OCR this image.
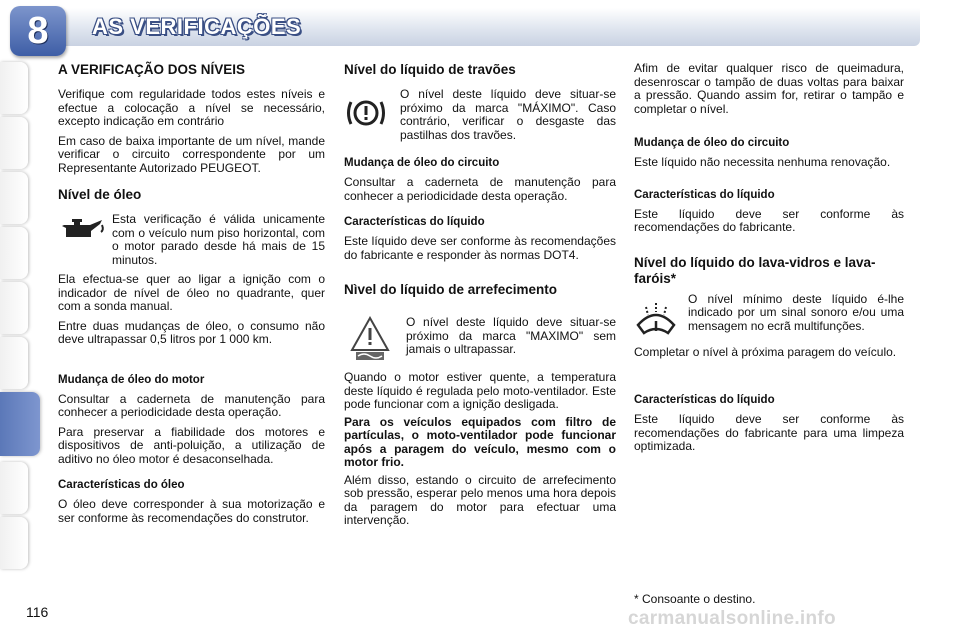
8	AS VERIFICAÇÕES
A VERIFICAÇÃO DOS NÍVEIS

Verifique com regularidade todos estes níveis e efectue a colocação a nível se necessário, excepto indicação em contrário

Em caso de baixa importante de um nível, mande verificar o circuito correspondente por um Representante Autorizado PEUGEOT.

Nível de óleo

Esta verificação é válida unicamente com o veículo num piso horizontal, com o motor parado desde há mais de 15 minutos.

Ela efectua-se quer ao ligar a ignição com o indicador de nível de óleo no quadrante, quer com a sonda manual.

Entre duas mudanças de óleo, o consumo não deve ultrapassar 0,5 litros por 1 000 km.

Mudança de óleo do motor

Consultar a caderneta de manutenção para conhecer a periodicidade desta operação.

Para preservar a fiabilidade dos motores e dispositivos de anti-poluição, a utilização de aditivo no óleo motor é desaconselhada.

Características do óleo

O óleo deve corresponder à sua motorização e ser conforme às recomendações do construtor.

Nível do líquido de travões

O nível deste líquido deve situar-se próximo da marca "MÁXIMO". Caso contrário, verificar o desgaste das pastilhas dos travões.

Mudança de óleo do circuito

Consultar a caderneta de manutenção para conhecer a periodicidade desta operação.

Características do líquido

Este líquido deve ser conforme às recomendações do fabricante e responder às normas DOT4.

Nìvel do líquido de arrefecimento

O nível deste líquido deve situar-se próximo da marca "MAXIMO" sem jamais o ultrapassar.

Quando o motor estiver quente, a temperatura deste líquido é regulada pelo moto-ventilador. Este pode funcionar com a ignição desligada.

Para os veículos equipados com filtro de partículas, o moto-ventilador pode funcionar após a paragem do veículo, mesmo com o motor frio.

Além disso, estando o circuito de arrefecimento sob pressão, esperar pelo menos uma hora depois da paragem do motor para efectuar uma intervenção.

Afim de evitar qualquer risco de queimadura, desenroscar o tampão de duas voltas para baixar a pressão. Quando assim for, retirar o tampão e completar o nível.

Mudança de óleo do circuito

Este líquido não necessita nenhuma renovação.

Características do líquido

Este líquido deve ser conforme às recomendações do fabricante.

Nível do líquido do lava-vidros e lava-faróis*

O nível mínimo deste líquido é-lhe indicado por um sinal sonoro e/ou uma mensagem no ecrã multifunções.

Completar o nível à próxima paragem do veículo.

Características do líquido

Este líquido deve ser conforme às recomendações do fabricante para uma limpeza optimizada.

116
* Consoante o destino.
carmanualsonline.info
